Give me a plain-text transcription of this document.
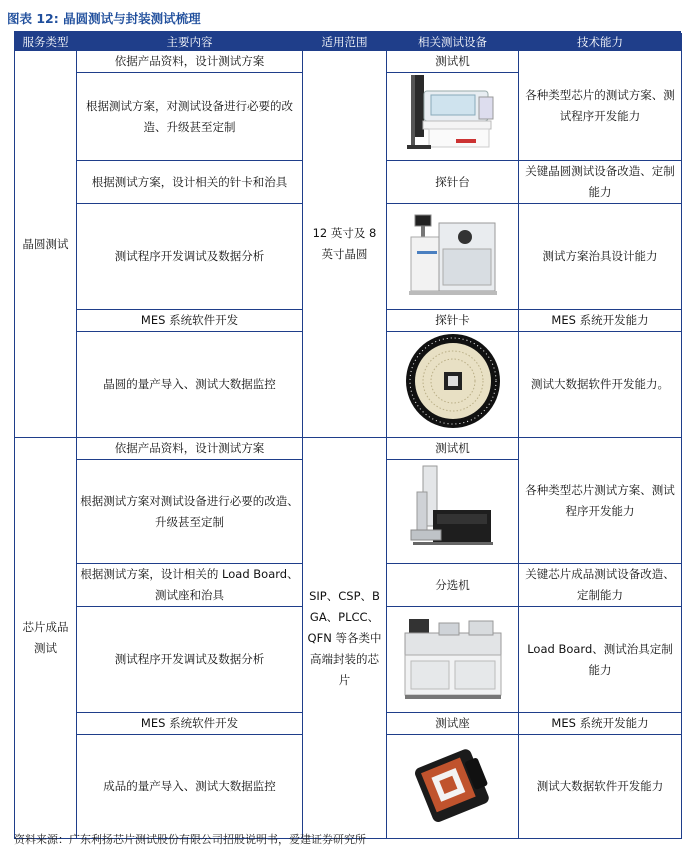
图表 12: 晶圆测试与封装测试梳理
服务类型	主要内容	适用范围	相关测试设备	技术能力
晶圆测试	依据产品资料，设计测试方案	12 英寸及 8 英寸晶圆	测试机	各种类型芯片的测试方案、测试程序开发能力
	根据测试方案，对测试设备进行必要的改造、升级甚至定制	
	根据测试方案，设计相关的针卡和治具		探针台	关键晶圆测试设备改造、定制能力
	测试程序开发调试及数据分析			测试方案治具设计能力
	MES 系统软件开发		探针卡	MES 系统开发能力
	晶圆的量产导入、测试大数据监控			测试大数据软件开发能力。
芯片成品测试	依据产品资料，设计测试方案	SIP、CSP、BGA、PLCC、QFN 等各类中高端封装的芯片	测试机	各种类型芯片测试方案、测试程序开发能力
	根据测试方案对测试设备进行必要的改造、升级甚至定制	
	根据测试方案，设计相关的 Load Board、测试座和治具		分选机	关键芯片成品测试设备改造、定制能力
	测试程序开发调试及数据分析			Load Board、测试治具定制能力
	MES 系统软件开发		测试座	MES 系统开发能力
	成品的量产导入、测试大数据监控			测试大数据软件开发能力
资料来源：广东利扬芯片测试股份有限公司招股说明书，爱建证券研究所
